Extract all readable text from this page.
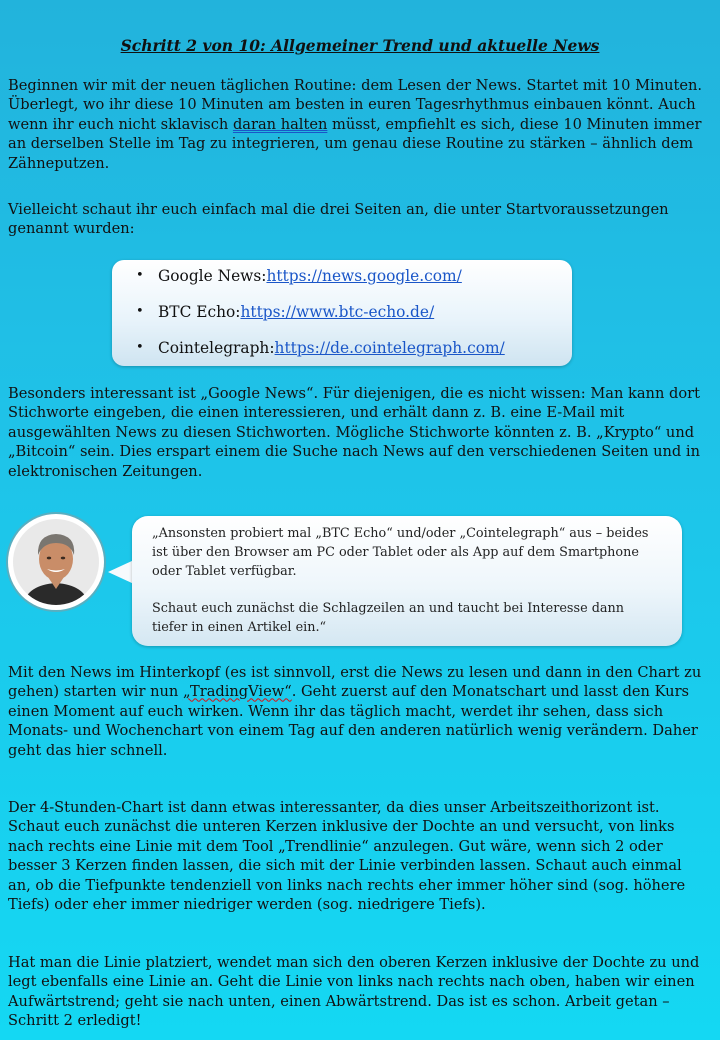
Schritt 2 von 10: Allgemeiner Trend und aktuelle News

Beginnen wir mit der neuen täglichen Routine: dem Lesen der News. Startet mit 10 Minuten. Überlegt, wo ihr diese 10 Minuten am besten in euren Tagesrhythmus einbauen könnt. Auch wenn ihr euch nicht sklavisch daran halten müsst, empfiehlt es sich, diese 10 Minuten immer an derselben Stelle im Tag zu integrieren, um genau diese Routine zu stärken – ähnlich dem Zähneputzen.

Vielleicht schaut ihr euch einfach mal die drei Seiten an, die unter Startvoraussetzungen genannt wurden:

• Google News: https://news.google.com/
• BTC Echo: https://www.btc-echo.de/
• Cointelegraph: https://de.cointelegraph.com/

Besonders interessant ist „Google News“. Für diejenigen, die es nicht wissen: Man kann dort Stichworte eingeben, die einen interessieren, und erhält dann z. B. eine E-Mail mit ausgewählten News zu diesen Stichworten. Mögliche Stichworte könnten z. B. „Krypto“ und „Bitcoin“ sein. Dies erspart einem die Suche nach News auf den verschiedenen Seiten und in elektronischen Zeitungen.

„Ansonsten probiert mal „BTC Echo“ und/oder „Cointelegraph“ aus – beides ist über den Browser am PC oder Tablet oder als App auf dem Smartphone oder Tablet verfügbar.

Schaut euch zunächst die Schlagzeilen an und taucht bei Interesse dann tiefer in einen Artikel ein.“

Mit den News im Hinterkopf (es ist sinnvoll, erst die News zu lesen und dann in den Chart zu gehen) starten wir nun „TradingView“. Geht zuerst auf den Monatschart und lasst den Kurs einen Moment auf euch wirken. Wenn ihr das täglich macht, werdet ihr sehen, dass sich Monats- und Wochenchart von einem Tag auf den anderen natürlich wenig verändern. Daher geht das hier schnell.

Der 4-Stunden-Chart ist dann etwas interessanter, da dies unser Arbeitszeithorizont ist. Schaut euch zunächst die unteren Kerzen inklusive der Dochte an und versucht, von links nach rechts eine Linie mit dem Tool „Trendlinie“ anzulegen. Gut wäre, wenn sich 2 oder besser 3 Kerzen finden lassen, die sich mit der Linie verbinden lassen. Schaut auch einmal an, ob die Tiefpunkte tendenziell von links nach rechts eher immer höher sind (sog. höhere Tiefs) oder eher immer niedriger werden (sog. niedrigere Tiefs).

Hat man die Linie platziert, wendet man sich den oberen Kerzen inklusive der Dochte zu und legt ebenfalls eine Linie an. Geht die Linie von links nach rechts nach oben, haben wir einen Aufwärtstrend; geht sie nach unten, einen Abwärtstrend. Das ist es schon. Arbeit getan – Schritt 2 erledigt!
